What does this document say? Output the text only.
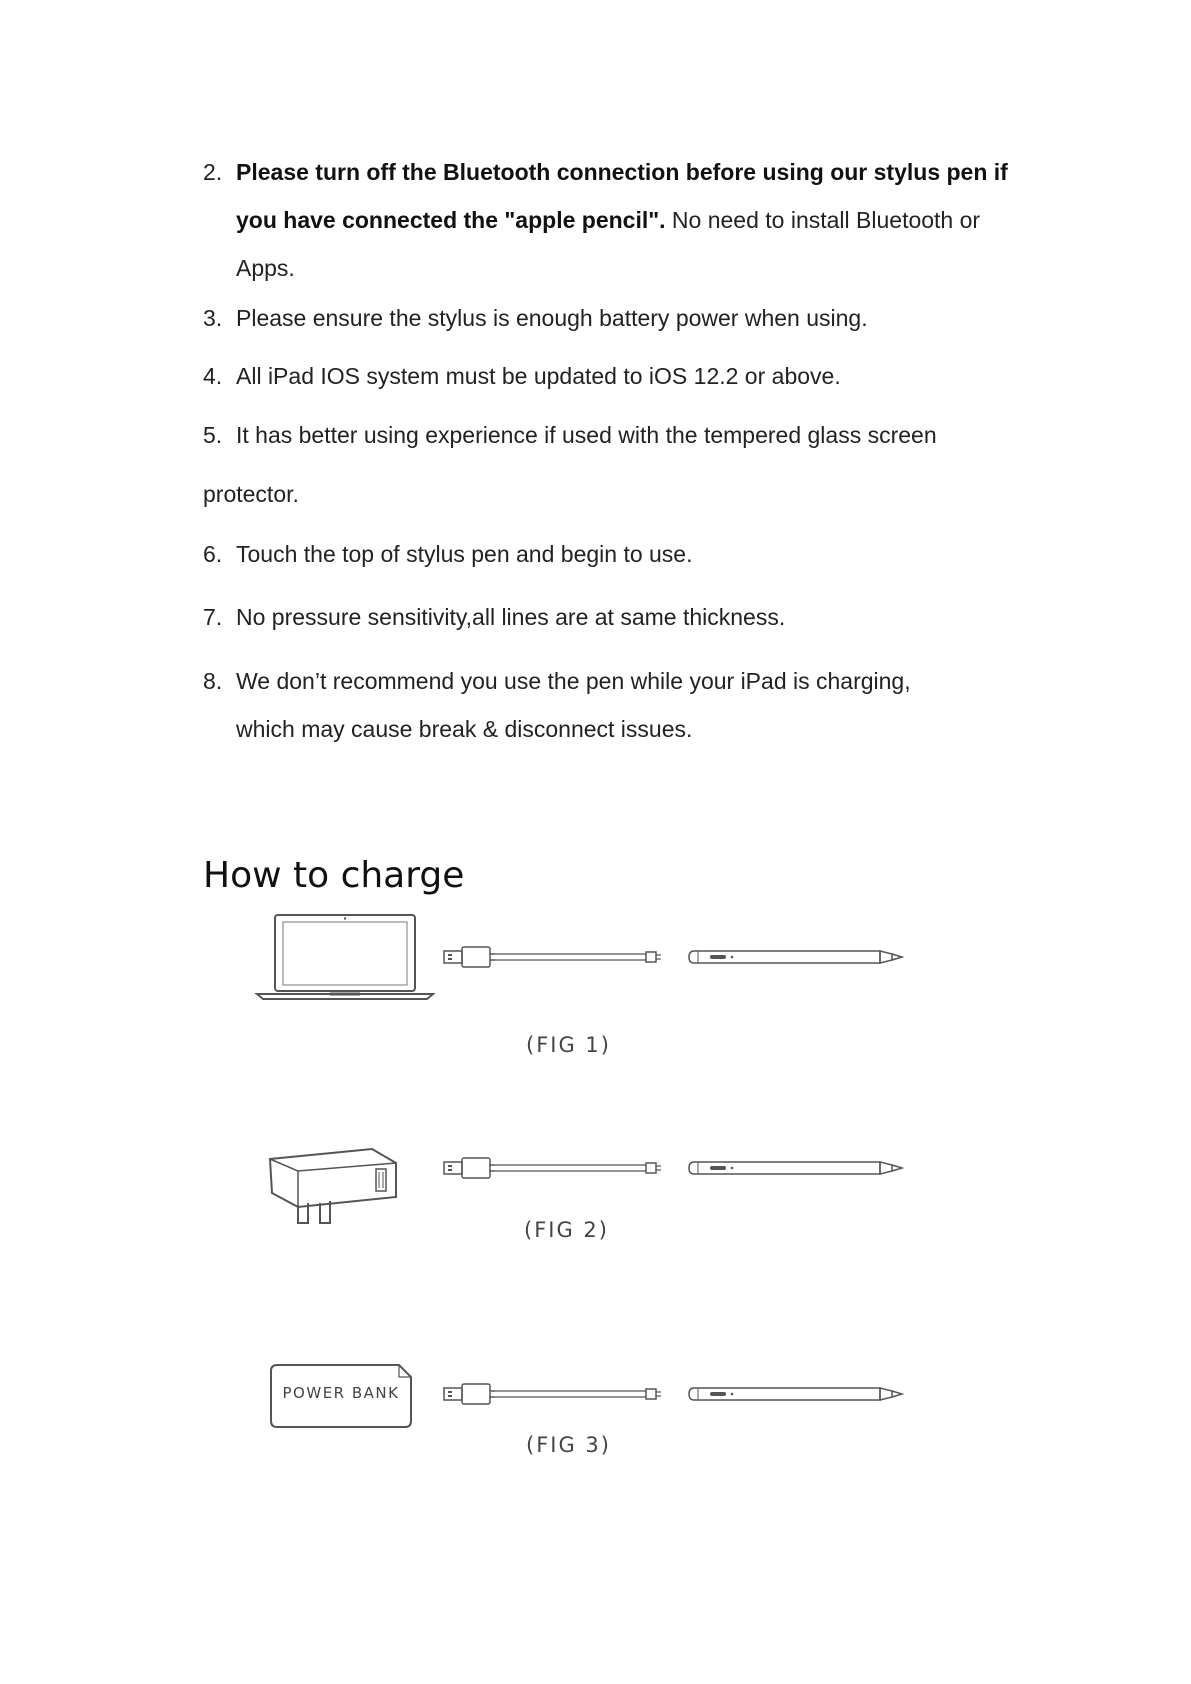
2. Please turn off the Bluetooth connection before using our stylus pen if you have connected the "apple pencil". No need to install Bluetooth or Apps.
3. Please ensure the stylus is enough battery power when using.
4. All iPad IOS system must be updated to iOS 12.2 or above.
5. It has better using experience if used with the tempered glass screen
protector.
6. Touch the top of stylus pen and begin to use.
7. No pressure sensitivity,all lines are at same thickness.
8. We don’t recommend you use the pen while your iPad is charging, which may cause break & disconnect issues.
How to charge
(FIG 1)
(FIG 2)
POWER BANK
(FIG 3)
